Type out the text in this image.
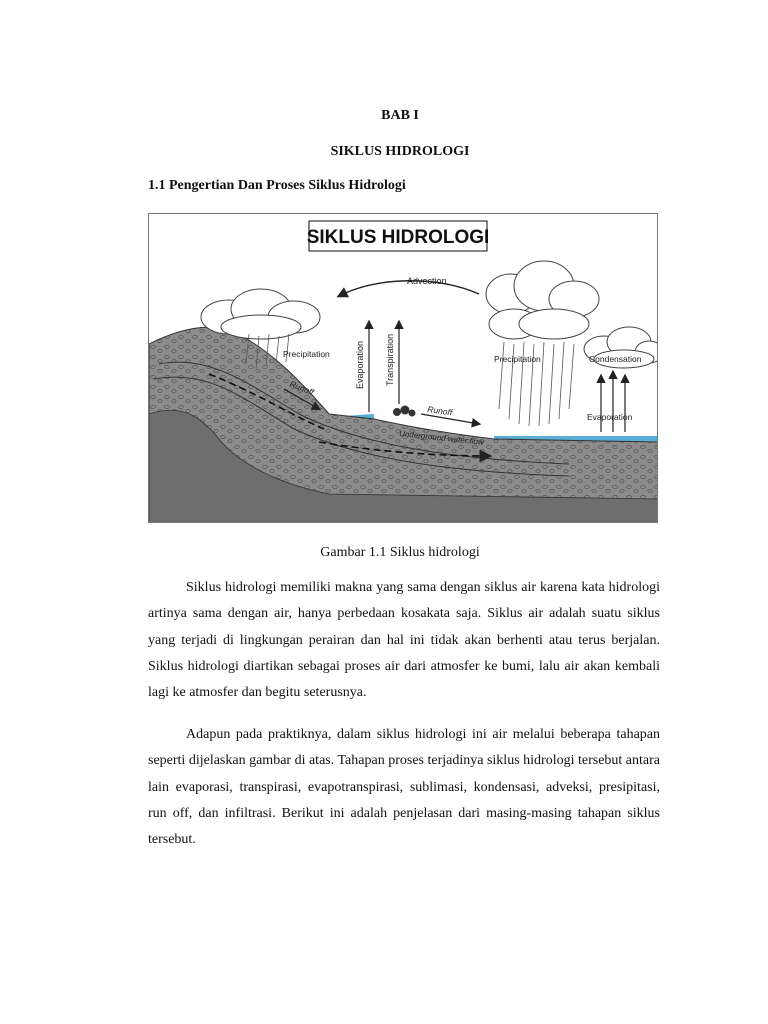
BAB I
SIKLUS HIDROLOGI
1.1 Pengertian Dan Proses Siklus Hidrologi
SIKLUS HIDROLOGI
Advection
Evaporation Transpiration
Precipitation	Precipitation	Condensation
Evaporation
Runoff
Runoff
Underground water flow
Gambar 1.1 Siklus hidrologi

Siklus hidrologi memiliki makna yang sama dengan siklus air karena kata hidrologi artinya sama dengan air, hanya perbedaan kosakata saja. Siklus air adalah suatu siklus yang terjadi di lingkungan perairan dan hal ini tidak akan berhenti atau terus berjalan. Siklus hidrologi diartikan sebagai proses air dari atmosfer ke bumi, lalu air akan kembali lagi ke atmosfer dan begitu seterusnya.

Adapun pada praktiknya, dalam siklus hidrologi ini air melalui beberapa tahapan seperti dijelaskan gambar di atas. Tahapan proses terjadinya siklus hidrologi tersebut antara lain evaporasi, transpirasi, evapotranspirasi, sublimasi, kondensasi, adveksi, presipitasi, run off, dan infiltrasi. Berikut ini adalah penjelasan dari masing-masing tahapan siklus tersebut.
